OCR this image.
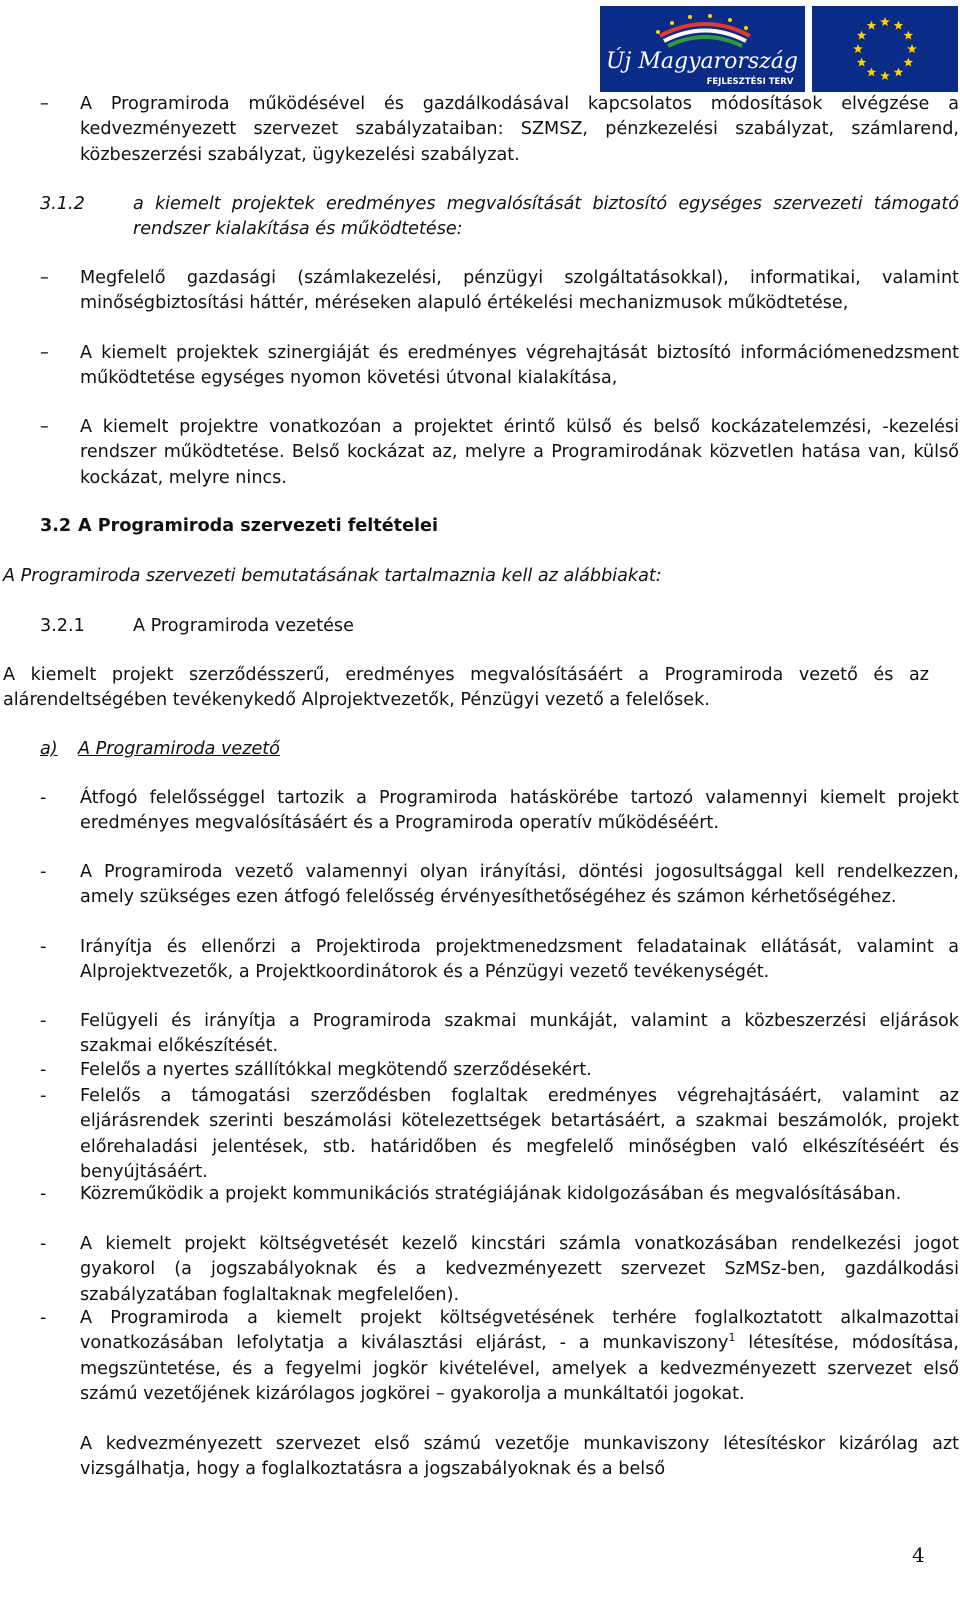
Új Magyarország
FEJLESZTÉSI TERV
–	A Programiroda működésével és gazdálkodásával kapcsolatos módosítások elvégzése a kedvezményezett szervezet szabályzataiban: SZMSZ, pénzkezelési szabályzat, számlarend, közbeszerzési szabályzat, ügykezelési szabályzat.
3.1.2	a kiemelt projektek eredményes megvalósítását biztosító egységes szervezeti támogató rendszer kialakítása és működtetése:
–	Megfelelő gazdasági (számlakezelési, pénzügyi szolgáltatásokkal), informatikai, valamint minőségbiztosítási háttér, méréseken alapuló értékelési mechanizmusok működtetése,
–	A kiemelt projektek szinergiáját és eredményes végrehajtását biztosító információmenedzsment működtetése egységes nyomon követési útvonal kialakítása,
–	A kiemelt projektre vonatkozóan a projektet érintő külső és belső kockázatelemzési, -kezelési rendszer működtetése. Belső kockázat az, melyre a Programirodának közvetlen hatása van, külső kockázat, melyre nincs.
3.2 A Programiroda szervezeti feltételei
A Programiroda szervezeti bemutatásának tartalmaznia kell az alábbiakat:
3.2.1	A Programiroda vezetése
A kiemelt projekt szerződésszerű, eredményes megvalósításáért a Programiroda vezető és az alárendeltségében tevékenykedő Alprojektvezetők, Pénzügyi vezető a felelősek.
a) A Programiroda vezető
-	Átfogó felelősséggel tartozik a Programiroda hatáskörébe tartozó valamennyi kiemelt projekt eredményes megvalósításáért és a Programiroda operatív működéséért.
-	A Programiroda vezető valamennyi olyan irányítási, döntési jogosultsággal kell rendelkezzen, amely szükséges ezen átfogó felelősség érvényesíthetőségéhez és számon kérhetőségéhez.
-	Irányítja és ellenőrzi a Projektiroda projektmenedzsment feladatainak ellátását, valamint a Alprojektvezetők, a Projektkoordinátorok és a Pénzügyi vezető tevékenységét.
-	Felügyeli és irányítja a Programiroda szakmai munkáját, valamint a közbeszerzési eljárások szakmai előkészítését.
-	Felelős a nyertes szállítókkal megkötendő szerződésekért.
-	Felelős a támogatási szerződésben foglaltak eredményes végrehajtásáért, valamint az eljárásrendek szerinti beszámolási kötelezettségek betartásáért, a szakmai beszámolók, projekt előrehaladási jelentések, stb. határidőben és megfelelő minőségben való elkészítéséért és benyújtásáért.
-	Közreműködik a projekt kommunikációs stratégiájának kidolgozásában és megvalósításában.
-	A kiemelt projekt költségvetését kezelő kincstári számla vonatkozásában rendelkezési jogot gyakorol (a jogszabályoknak és a kedvezményezett szervezet SzMSz-ben, gazdálkodási szabályzatában foglaltaknak megfelelően).
-	A Programiroda a kiemelt projekt költségvetésének terhére foglalkoztatott alkalmazottai vonatkozásában lefolytatja a kiválasztási eljárást, - a munkaviszony$^1$ létesítése, módosítása, megszüntetése, és a fegyelmi jogkör kivételével, amelyek a kedvezményezett szervezet első számú vezetőjének kizárólagos jogkörei – gyakorolja a munkáltatói jogokat.
A kedvezményezett szervezet első számú vezetője munkaviszony létesítéskor kizárólag azt vizsgálhatja, hogy a foglalkoztatásra a jogszabályoknak és a belső
4
